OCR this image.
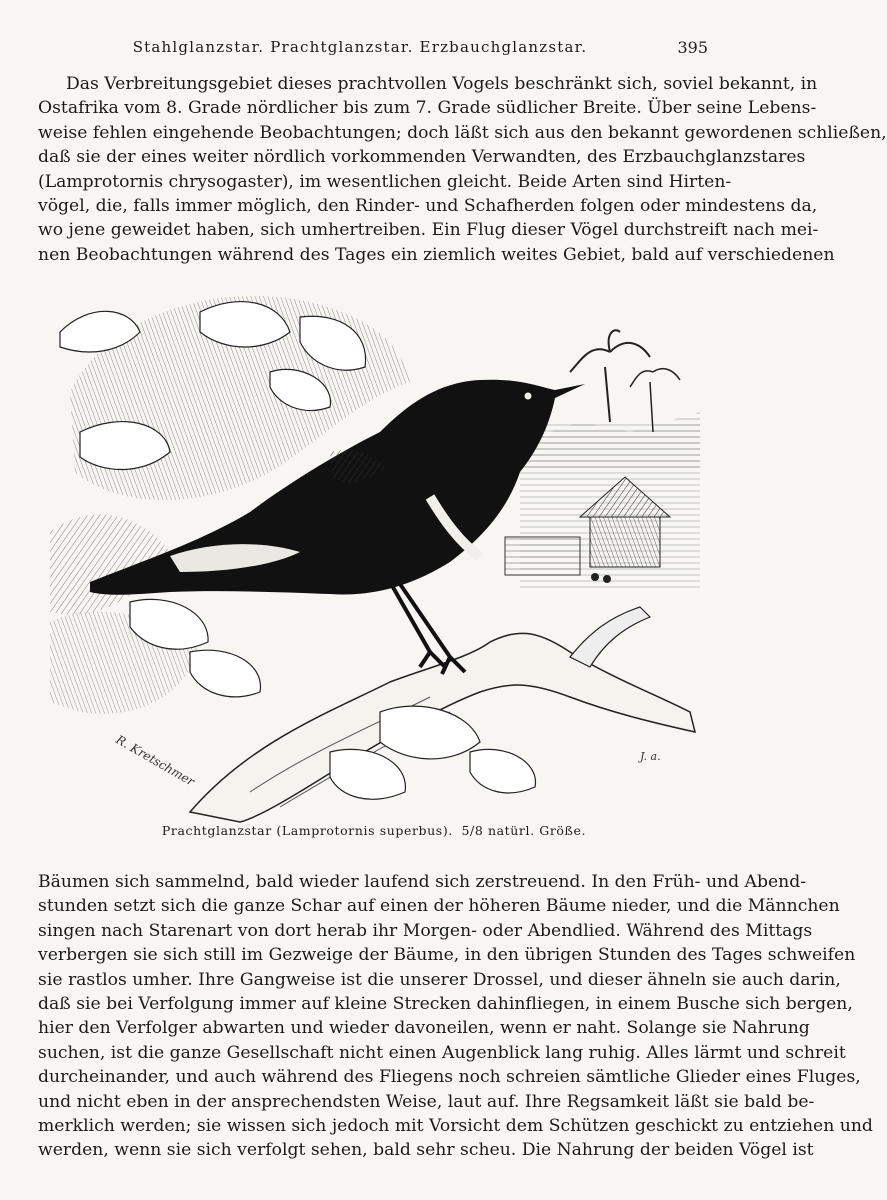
Stahlglanzstar. Prachtglanzstar. Erzbauchglanzstar.	395
Das Verbreitungsgebiet dieses prachtvollen Vogels beschränkt sich, soviel bekannt, in
Ostafrika vom 8. Grade nördlicher bis zum 7. Grade südlicher Breite. Über seine Lebens-
weise fehlen eingehende Beobachtungen; doch läßt sich aus den bekannt gewordenen schließen,
daß sie der eines weiter nördlich vorkommenden Verwandten, des Erzbauchglanzstares
(Lamprotornis chrysogaster), im wesentlichen gleicht. Beide Arten sind Hirten-
vögel, die, falls immer möglich, den Rinder- und Schafherden folgen oder mindestens da,
wo jene geweidet haben, sich umhertreiben. Ein Flug dieser Vögel durchstreift nach mei-
nen Beobachtungen während des Tages ein ziemlich weites Gebiet, bald auf verschiedenen
R. Kretschmer	J. a.
Prachtglanzstar (Lamprotornis superbus). 5/8 natürl. Größe.
Bäumen sich sammelnd, bald wieder laufend sich zerstreuend. In den Früh- und Abend-
stunden setzt sich die ganze Schar auf einen der höheren Bäume nieder, und die Männchen
singen nach Starenart von dort herab ihr Morgen- oder Abendlied. Während des Mittags
verbergen sie sich still im Gezweige der Bäume, in den übrigen Stunden des Tages schweifen
sie rastlos umher. Ihre Gangweise ist die unserer Drossel, und dieser ähneln sie auch darin,
daß sie bei Verfolgung immer auf kleine Strecken dahinfliegen, in einem Busche sich bergen,
hier den Verfolger abwarten und wieder davoneilen, wenn er naht. Solange sie Nahrung
suchen, ist die ganze Gesellschaft nicht einen Augenblick lang ruhig. Alles lärmt und schreit
durcheinander, und auch während des Fliegens noch schreien sämtliche Glieder eines Fluges,
und nicht eben in der ansprechendsten Weise, laut auf. Ihre Regsamkeit läßt sie bald be-
merklich werden; sie wissen sich jedoch mit Vorsicht dem Schützen geschickt zu entziehen und
werden, wenn sie sich verfolgt sehen, bald sehr scheu. Die Nahrung der beiden Vögel ist
